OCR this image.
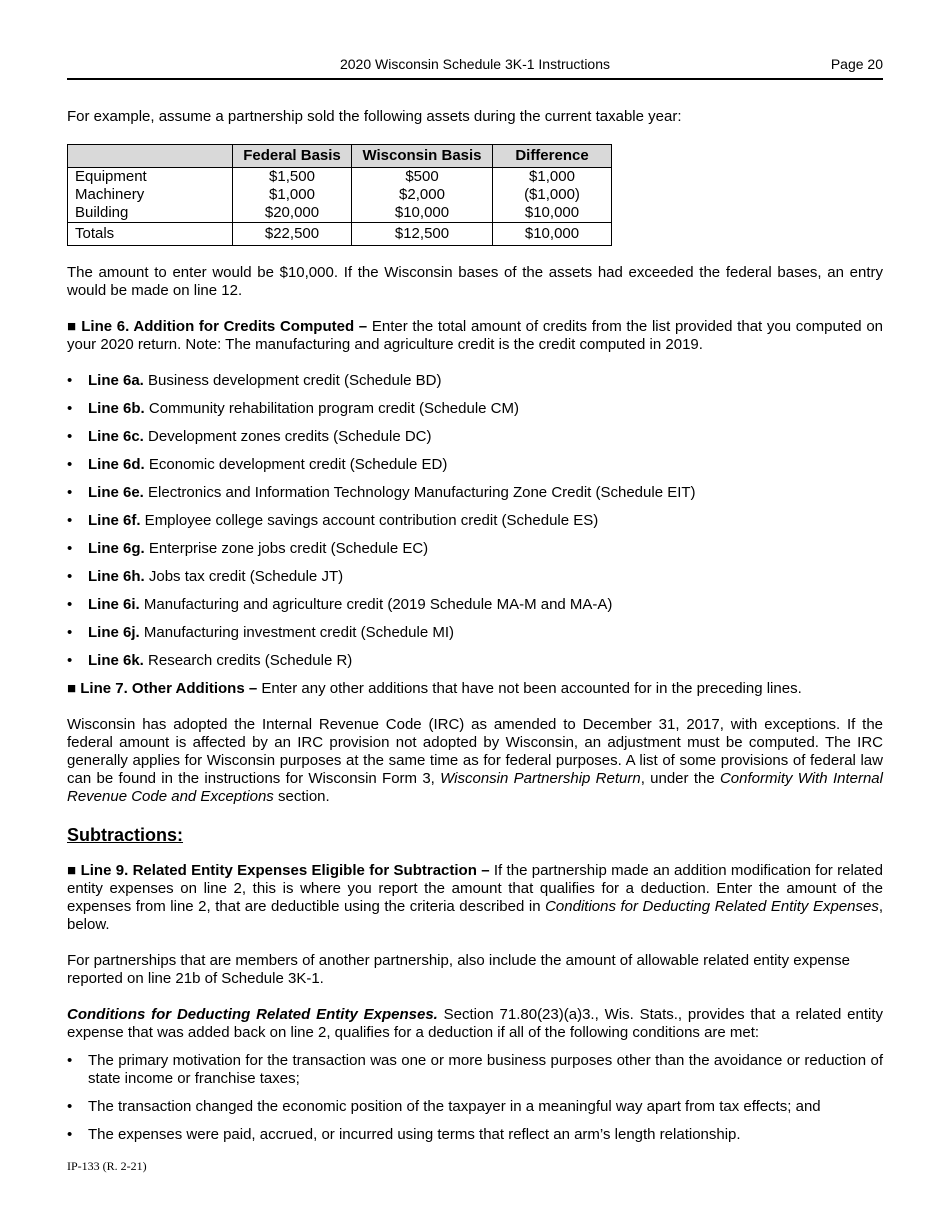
2020 Wisconsin Schedule 3K-1 Instructions	Page 20

For example, assume a partnership sold the following assets during the current taxable year:

	Federal Basis	Wisconsin Basis	Difference
Equipment	$1,500	$500	$1,000
Machinery	$1,000	$2,000	($1,000)
Building	$20,000	$10,000	$10,000
Totals	$22,500	$12,500	$10,000

The amount to enter would be $10,000. If the Wisconsin bases of the assets had exceeded the federal bases, an entry would be made on line 12.

■ Line 6. Addition for Credits Computed – Enter the total amount of credits from the list provided that you computed on your 2020 return. Note: The manufacturing and agriculture credit is the credit computed in 2019.

•	Line 6a. Business development credit (Schedule BD)
•	Line 6b. Community rehabilitation program credit (Schedule CM)
•	Line 6c. Development zones credits (Schedule DC)
•	Line 6d. Economic development credit (Schedule ED)
•	Line 6e. Electronics and Information Technology Manufacturing Zone Credit (Schedule EIT)
•	Line 6f. Employee college savings account contribution credit (Schedule ES)
•	Line 6g. Enterprise zone jobs credit (Schedule EC)
•	Line 6h. Jobs tax credit (Schedule JT)
•	Line 6i. Manufacturing and agriculture credit (2019 Schedule MA-M and MA-A)
•	Line 6j. Manufacturing investment credit (Schedule MI)
•	Line 6k. Research credits (Schedule R)

■ Line 7. Other Additions – Enter any other additions that have not been accounted for in the preceding lines.

Wisconsin has adopted the Internal Revenue Code (IRC) as amended to December 31, 2017, with exceptions. If the federal amount is affected by an IRC provision not adopted by Wisconsin, an adjustment must be computed. The IRC generally applies for Wisconsin purposes at the same time as for federal purposes. A list of some provisions of federal law can be found in the instructions for Wisconsin Form 3, Wisconsin Partnership Return, under the Conformity With Internal Revenue Code and Exceptions section.

Subtractions:

■ Line 9. Related Entity Expenses Eligible for Subtraction – If the partnership made an addition modification for related entity expenses on line 2, this is where you report the amount that qualifies for a deduction. Enter the amount of the expenses from line 2, that are deductible using the criteria described in Conditions for Deducting Related Entity Expenses, below.

For partnerships that are members of another partnership, also include the amount of allowable related entity expense reported on line 21b of Schedule 3K-1.

Conditions for Deducting Related Entity Expenses. Section 71.80(23)(a)3., Wis. Stats., provides that a related entity expense that was added back on line 2, qualifies for a deduction if all of the following conditions are met:

•	The primary motivation for the transaction was one or more business purposes other than the avoidance or reduction of state income or franchise taxes;
•	The transaction changed the economic position of the taxpayer in a meaningful way apart from tax effects; and
•	The expenses were paid, accrued, or incurred using terms that reflect an arm’s length relationship.
IP-133 (R. 2-21)
